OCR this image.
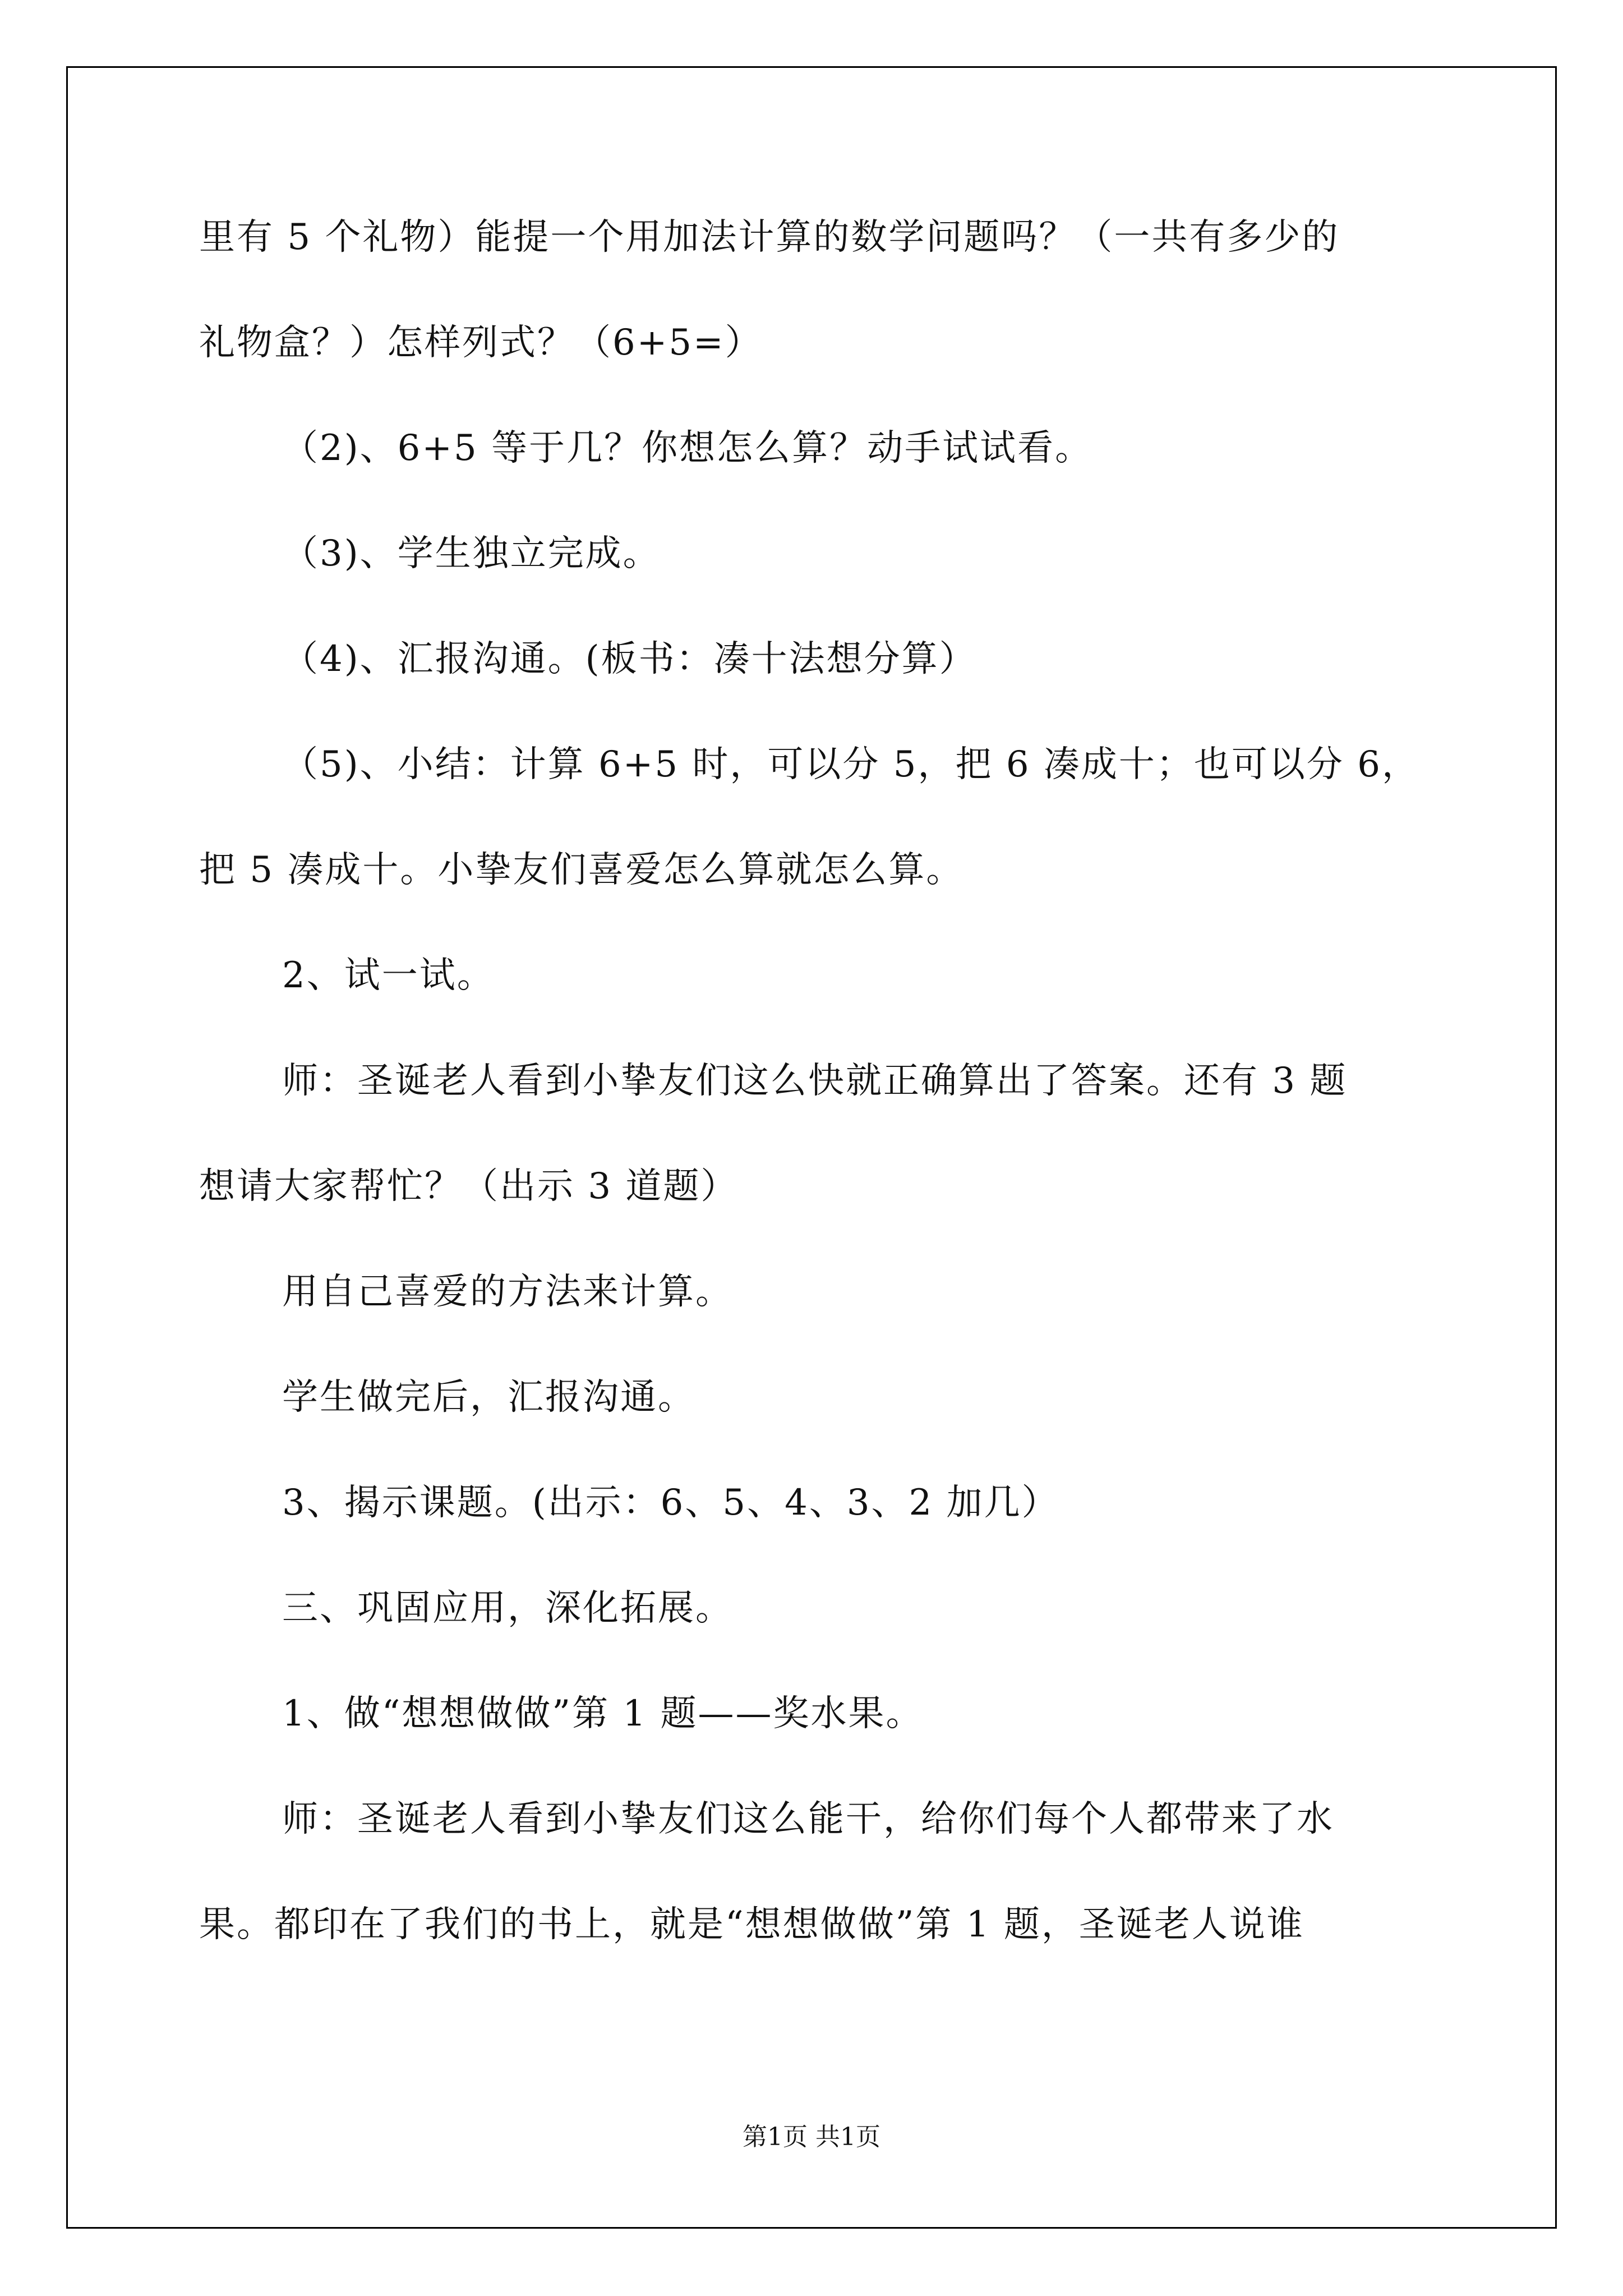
里有 5 个礼物）能提一个用加法计算的数学问题吗？（一共有多少的
礼物盒？）怎样列式？（6+5=）
（2)、6+5 等于几？你想怎么算？动手试试看。
（3)、学生独立完成。
（4)、汇报沟通。(板书：凑十法想分算）
（5)、小结：计算 6+5 时，可以分 5，把 6 凑成十；也可以分 6，
把 5 凑成十。小挚友们喜爱怎么算就怎么算。
2、试一试。
师：圣诞老人看到小挚友们这么快就正确算出了答案。还有 3 题
想请大家帮忙？（出示 3 道题）
用自己喜爱的方法来计算。
学生做完后，汇报沟通。
3、揭示课题。(出示：6、5、4、3、2 加几）
三、巩固应用，深化拓展。
1、做“想想做做”第 1 题——奖水果。
师：圣诞老人看到小挚友们这么能干，给你们每个人都带来了水
果。都印在了我们的书上，就是“想想做做”第 1 题，圣诞老人说谁
第1页 共1页
